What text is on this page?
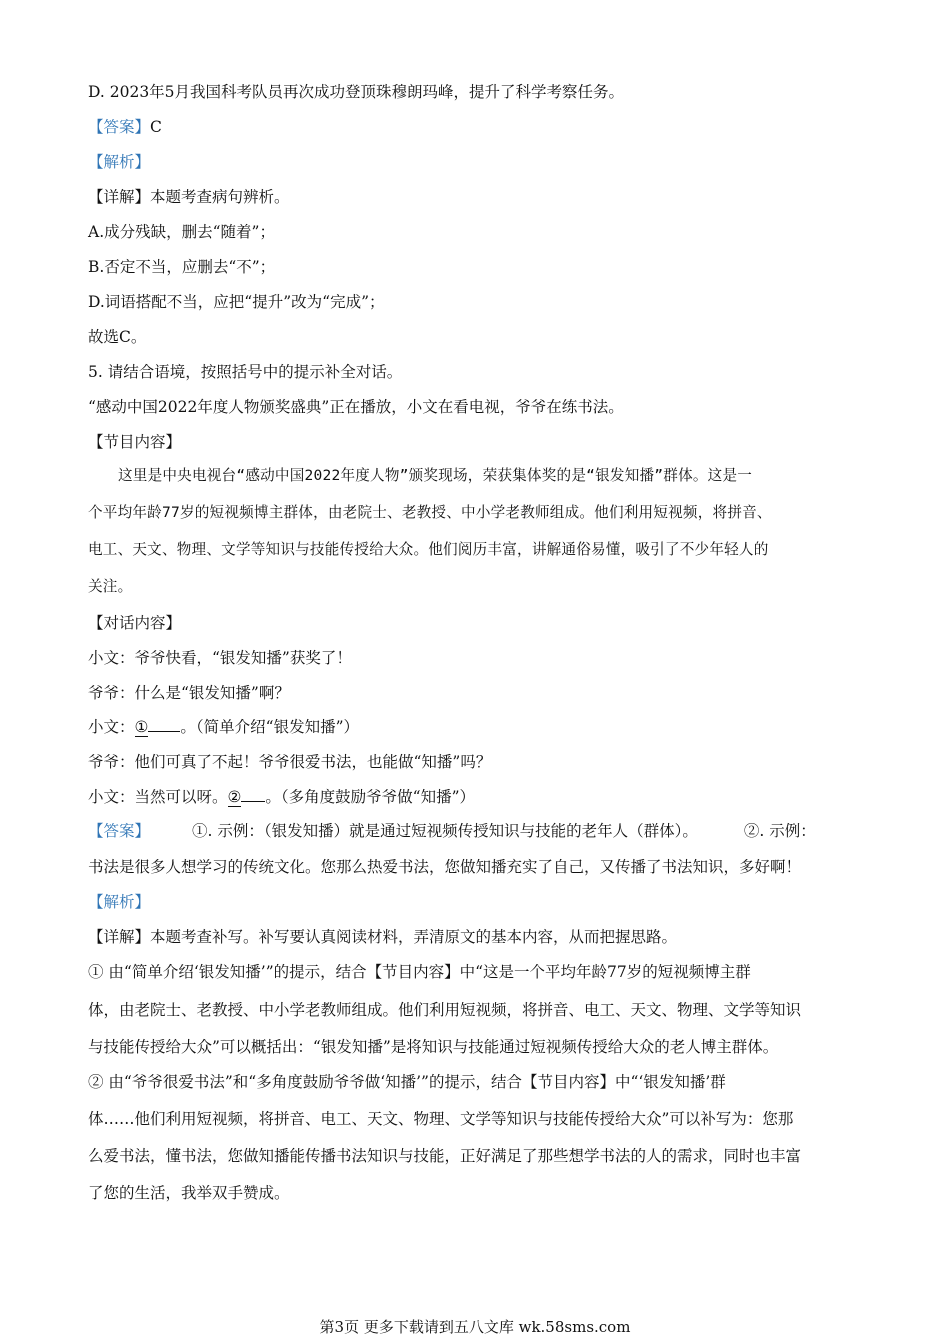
D. 2023年5月我国科考队员再次成功登顶珠穆朗玛峰，提升了科学考察任务。
【答案】C
【解析】
【详解】本题考查病句辨析。
A.成分残缺，删去“随着”；
B.否定不当，应删去“不”；
D.词语搭配不当，应把“提升”改为“完成”；
故选C。
5. 请结合语境，按照括号中的提示补全对话。
“感动中国2022年度人物颁奖盛典”正在播放，小文在看电视，爷爷在练书法。
【节目内容】
这里是中央电视台“感动中国2022年度人物”颁奖现场，荣获集体奖的是“银发知播”群体。这是一
个平均年龄77岁的短视频博主群体，由老院士、老教授、中小学老教师组成。他们利用短视频，将拼音、
电工、天文、物理、文学等知识与技能传授给大众。他们阅历丰富，讲解通俗易懂，吸引了不少年轻人的
关注。
【对话内容】
小文：爷爷快看，“银发知播”获奖了！
爷爷：什么是“银发知播”啊？
小文：① 。（简单介绍“银发知播”）
爷爷：他们可真了不起！爷爷很爱书法，也能做“知播”吗？
小文：当然可以呀。② 。（多角度鼓励爷爷做“知播”）
【答案】	①. 示例：（银发知播）就是通过短视频传授知识与技能的老年人（群体）。	②. 示例：
书法是很多人想学习的传统文化。您那么热爱书法，您做知播充实了自己，又传播了书法知识，多好啊！
【解析】
【详解】本题考查补写。补写要认真阅读材料，弄清原文的基本内容，从而把握思路。
① 由“简单介绍‘银发知播’”的提示，结合【节目内容】中“这是一个平均年龄77岁的短视频博主群
体，由老院士、老教授、中小学老教师组成。他们利用短视频，将拼音、电工、天文、物理、文学等知识
与技能传授给大众”可以概括出：“银发知播”是将知识与技能通过短视频传授给大众的老人博主群体。
② 由“爷爷很爱书法”和“多角度鼓励爷爷做‘知播’”的提示，结合【节目内容】中“‘银发知播’群
体……他们利用短视频，将拼音、电工、天文、物理、文学等知识与技能传授给大众”可以补写为：您那
么爱书法，懂书法，您做知播能传播书法知识与技能，正好满足了那些想学书法的人的需求，同时也丰富
了您的生活，我举双手赞成。
第3页 更多下载请到五八文库 wk.58sms.com
